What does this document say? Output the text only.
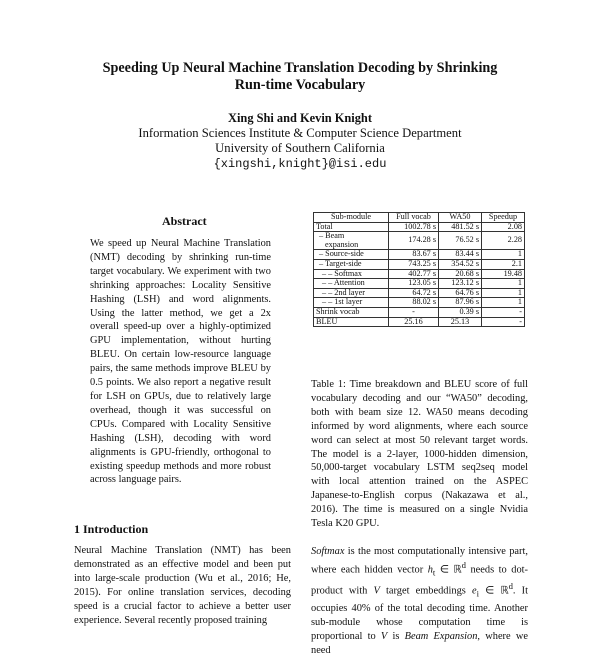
Speeding Up Neural Machine Translation Decoding by Shrinking
Run-time Vocabulary
Xing Shi and Kevin Knight
Information Sciences Institute & Computer Science Department
University of Southern California
{xingshi,knight}@isi.edu
Abstract

We speed up Neural Machine Translation (NMT) decoding by shrinking run-time target vocabulary. We experiment with two shrinking approaches: Locality Sensitive Hashing (LSH) and word alignments. Using the latter method, we get a 2x overall speed-up over a highly-optimized GPU implementation, without hurting BLEU. On certain low-resource language pairs, the same methods improve BLEU by 0.5 points. We also report a negative result for LSH on GPUs, due to relatively large overhead, though it was successful on CPUs. Compared with Locality Sensitive Hashing (LSH), decoding with word alignments is GPU-friendly, orthogonal to existing speedup methods and more robust across language pairs.

1 Introduction

Neural Machine Translation (NMT) has been demonstrated as an effective model and been put into large-scale production (Wu et al., 2016; He, 2015). For online translation services, decoding speed is a crucial factor to achieve a better user experience. Several recently proposed training

Sub-module	Full vocab	WA50	Speedup
Total	1002.78 s	481.52 s	2.08
– Beam
expansion	174.28 s	76.52 s	2.28
– Source-side	83.67 s	83.44 s	1
– Target-side	743.25 s	354.52 s	2.1
– – Softmax	402.77 s	20.68 s	19.48
– – Attention	123.05 s	123.12 s	1
– – 2nd layer	64.72 s	64.76 s	1
– – 1st layer	88.02 s	87.96 s	1
Shrink vocab	-	0.39 s	-
BLEU	25.16	25.13	-

Table 1: Time breakdown and BLEU score of full vocabulary decoding and our “WA50” decoding, both with beam size 12. WA50 means decoding informed by word alignments, where each source word can select at most 50 relevant target words. The model is a 2-layer, 1000-hidden dimension, 50,000-target vocabulary LSTM seq2seq model with local attention trained on the ASPEC Japanese-to-English corpus (Nakazawa et al., 2016). The time is measured on a single Nvidia Tesla K20 GPU.

Softmax is the most computationally intensive part, where each hidden vector $h_t$ ∈ ℝ$^d$ needs to dot-product with V target embeddings $e_i$ ∈ ℝ$^d$. It occupies 40% of the total decoding time. Another sub-module whose computation time is proportional to V is Beam Expansion, where we need
